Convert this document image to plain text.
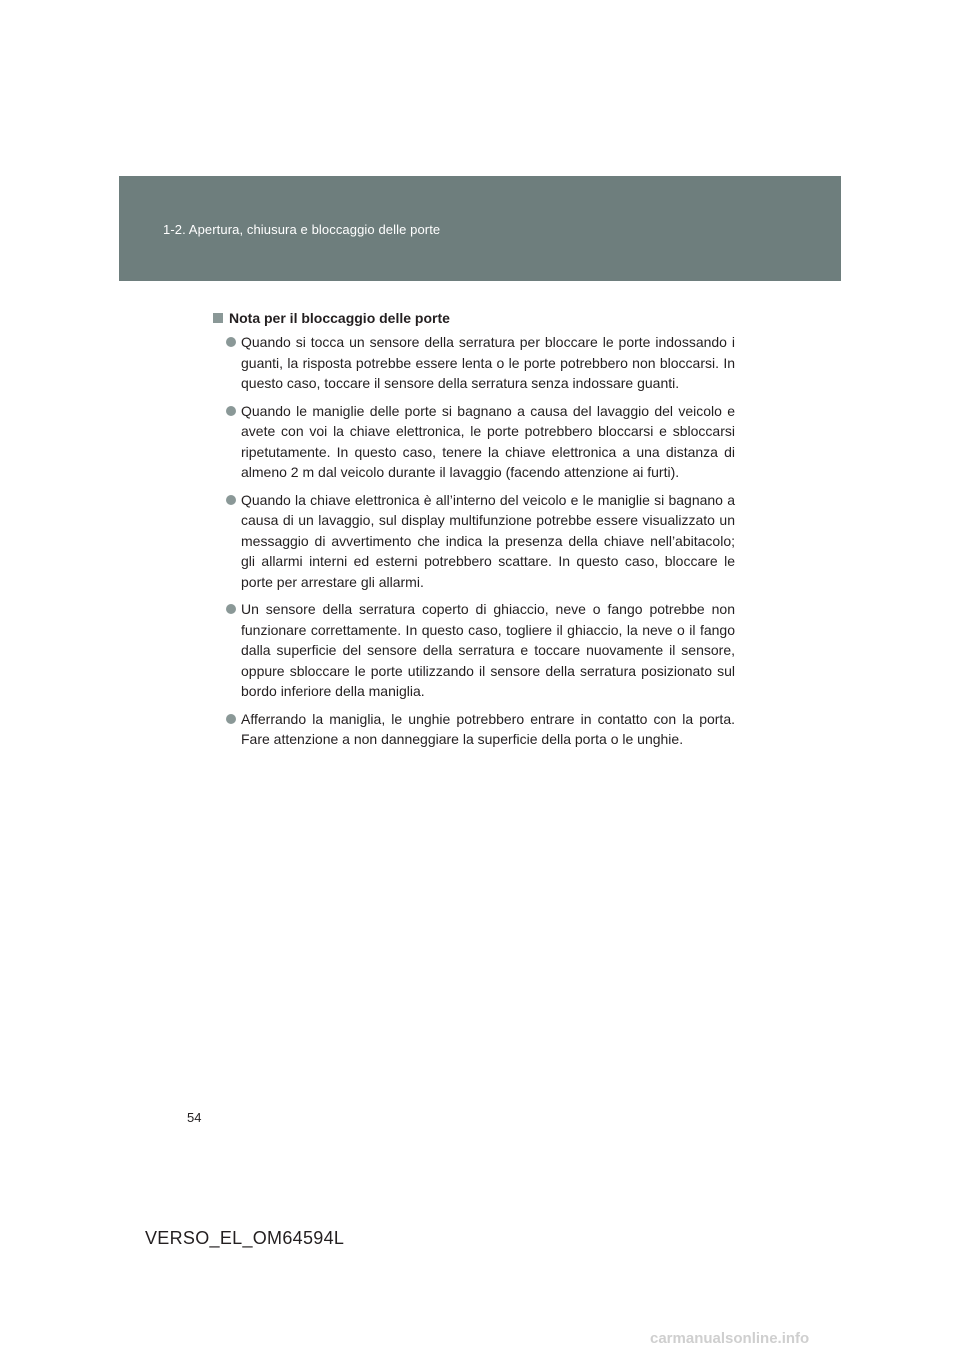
1-2. Apertura, chiusura e bloccaggio delle porte
Nota per il bloccaggio delle porte
Quando si tocca un sensore della serratura per bloccare le porte indossando i guanti, la risposta potrebbe essere lenta o le porte potrebbero non bloccarsi. In questo caso, toccare il sensore della serratura senza indossare guanti.
Quando le maniglie delle porte si bagnano a causa del lavaggio del veicolo e avete con voi la chiave elettronica, le porte potrebbero bloccarsi e sbloccarsi ripetutamente. In questo caso, tenere la chiave elettronica a una distanza di almeno 2 m dal veicolo durante il lavaggio (facendo attenzione ai furti).
Quando la chiave elettronica è all’interno del veicolo e le maniglie si bagnano a causa di un lavaggio, sul display multifunzione potrebbe essere visualizzato un messaggio di avvertimento che indica la presenza della chiave nell’abitacolo; gli allarmi interni ed esterni potrebbero scattare. In questo caso, bloccare le porte per arrestare gli allarmi.
Un sensore della serratura coperto di ghiaccio, neve o fango potrebbe non funzionare correttamente. In questo caso, togliere il ghiaccio, la neve o il fango dalla superficie del sensore della serratura e toccare nuovamente il sensore, oppure sbloccare le porte utilizzando il sensore della serratura posizionato sul bordo inferiore della maniglia.
Afferrando la maniglia, le unghie potrebbero entrare in contatto con la porta. Fare attenzione a non danneggiare la superficie della porta o le unghie.
54
VERSO_EL_OM64594L
carmanualsonline.info
